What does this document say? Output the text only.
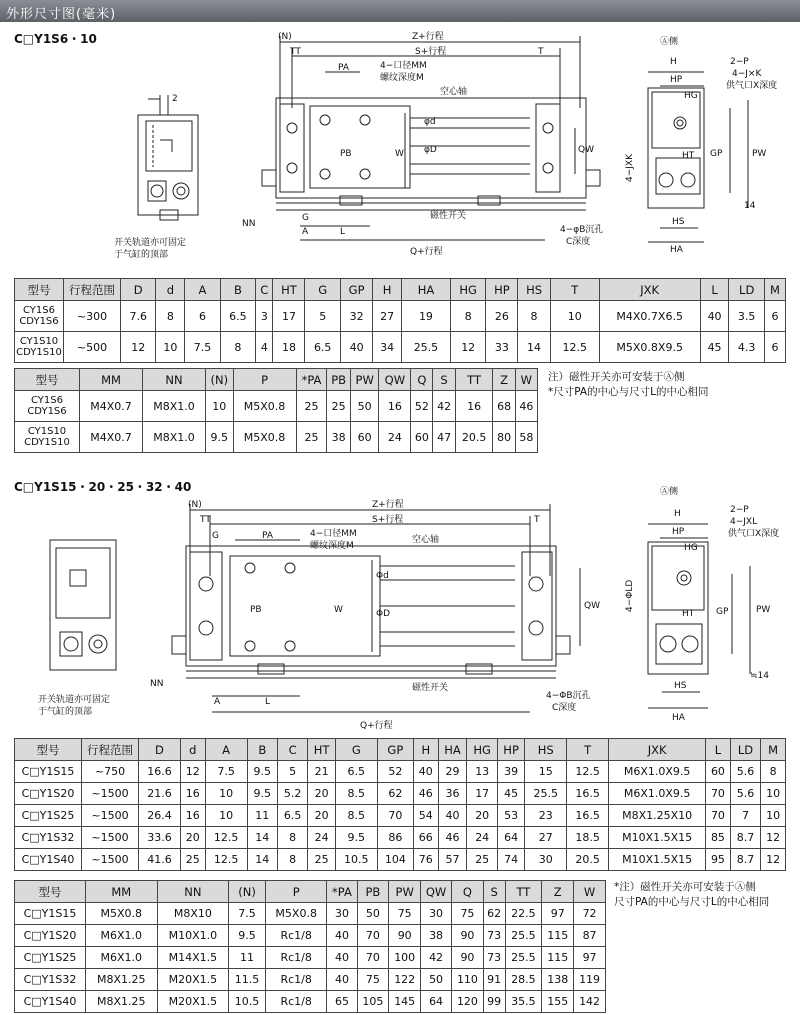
外形尺寸图(毫米)
C□Y1S6・10
2
开关轨道亦可固定
于气缸的顶部
(N)	Z+行程
TT	S+行程	T
PA	4−口径MM
螺纹深度M
空心轴
φd
φD
PB	W	QW
G
A	L
磁性开关
4−φB沉孔
C深度
Q+行程
NN
Ⓐ侧
H
HP
HG
2−P
4−J×K
供气口X深度
HT GP	PW
4−JXK
14
HS
HA
型号	行程范围	D	d	A	B	C	HT	G	GP	H	HA	HG	HP	HS	T	JXK	L	LD	M

CY1S6
CDY1S6	~300	7.6	8	6	6.5	3	17	5	32	27	19	8	26	8	10	M4X0.7X6.5	40	3.5	6

CY1S10
CDY1S10	~500	12	10	7.5	8	4	18	6.5	40	34	25.5	12	33	14	12.5	M5X0.8X9.5	45	4.3	6
型号	MM	NN	(N)	P	*PA	PB	PW	QW	Q	S	TT	Z	W

CY1S6
CDY1S6	M4X0.7	M8X1.0	10	M5X0.8	25	25	50	16	52	42	16	68	46

CY1S10
CDY1S10	M4X0.7	M8X1.0	9.5	M5X0.8	25	38	60	24	60	47	20.5	80	58
注）磁性开关亦可安装于Ⓐ侧
*尺寸PA的中心与尺寸L的中心相同
C□Y1S15・20・25・32・40
开关轨道亦可固定
于气缸的顶部
(N)	Z+行程
TT	S+行程	T
G	PA	4−口径MM
螺纹深度M
空心轴
Φd
ΦD
PB	W	QW
NN	磁性开关
A	L
4−ΦB沉孔
C深度
Q+行程
Ⓐ侧
H
HP
HG
2−P
4−JXL
供气口X深度
4−ΦLD
HT GP	PW
≒14
HS
HA
型号	行程范围	D	d	A	B	C	HT	G	GP	H	HA	HG	HP	HS	T	JXK	L	LD	M
C□Y1S15	~750	16.6	12	7.5	9.5	5	21	6.5	52	40	29	13	39	15	12.5	M6X1.0X9.5	60	5.6	8
C□Y1S20	~1500	21.6	16	10	9.5	5.2	20	8.5	62	46	36	17	45	25.5	16.5	M6X1.0X9.5	70	5.6	10
C□Y1S25	~1500	26.4	16	10	11	6.5	20	8.5	70	54	40	20	53	23	16.5	M8X1.25X10	70	7	10
C□Y1S32	~1500	33.6	20	12.5	14	8	24	9.5	86	66	46	24	64	27	18.5	M10X1.5X15	85	8.7	12
C□Y1S40	~1500	41.6	25	12.5	14	8	25	10.5	104	76	57	25	74	30	20.5	M10X1.5X15	95	8.7	12
型号	MM	NN	(N)	P	*PA	PB	PW	QW	Q	S	TT	Z	W
C□Y1S15	M5X0.8	M8X10	7.5	M5X0.8	30	50	75	30	75	62	22.5	97	72
C□Y1S20	M6X1.0	M10X1.0	9.5	Rc1/8	40	70	90	38	90	73	25.5	115	87
C□Y1S25	M6X1.0	M14X1.5	11	Rc1/8	40	70	100	42	90	73	25.5	115	97
C□Y1S32	M8X1.25	M20X1.5	11.5	Rc1/8	40	75	122	50	110	91	28.5	138	119
C□Y1S40	M8X1.25	M20X1.5	10.5	Rc1/8	65	105	145	64	120	99	35.5	155	142
*注）磁性开关亦可安装于Ⓐ侧
尺寸PA的中心与尺寸L的中心相同
